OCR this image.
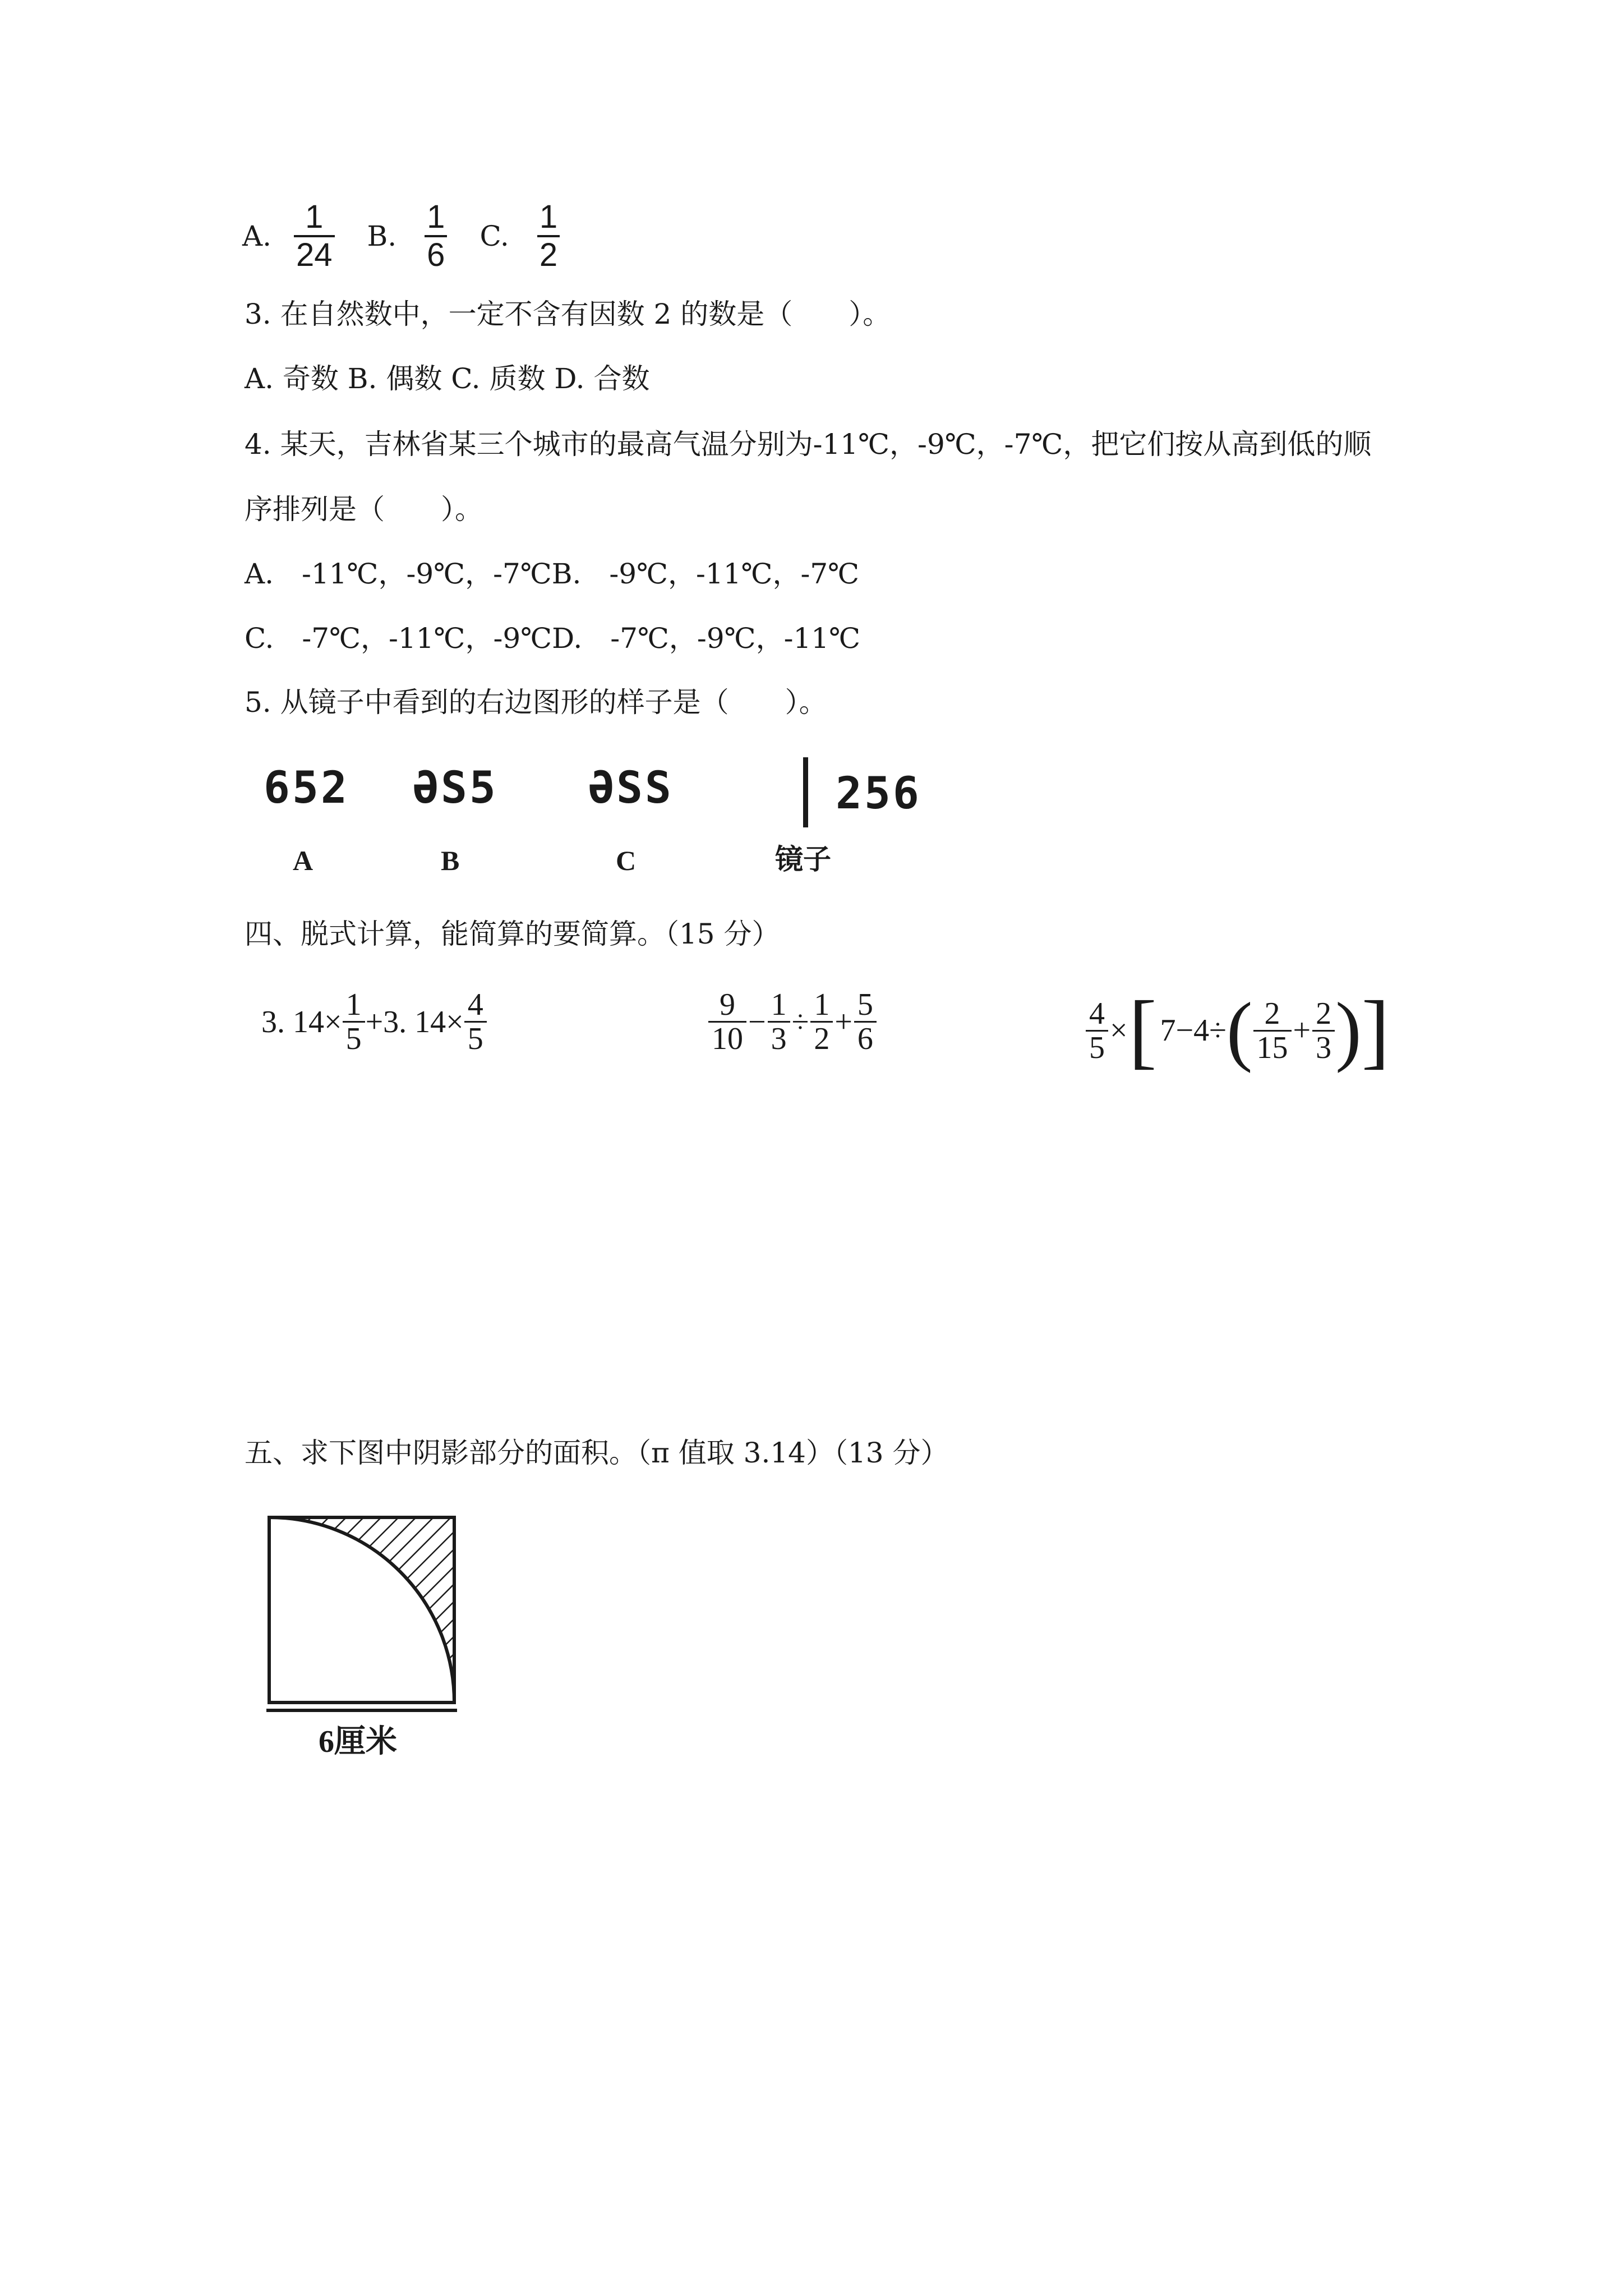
A.
1
24
B.
1
6
C.
1
2
3. 在自然数中，一定不含有因数 2 的数是（　　）。
A. 奇数 B. 偶数 C. 质数 D. 合数
4. 某天，吉林省某三个城市的最高气温分别为-11℃，-9℃，-7℃，把它们按从高到低的顺
序排列是（　　）。
A.　-11℃，-9℃，-7℃B.　-9℃，-11℃，-7℃
C.　-7℃，-11℃，-9℃D.　-7℃，-9℃，-11℃
5. 从镜子中看到的右边图形的样子是（　　）。
652
A
ƏS5
B
ƏSS
C
256
镜子
四、脱式计算，能简算的要简算。（15 分）
3. $14\times \frac{1}{5} +3$. $14\times \frac{4}{5}$	$\frac{9}{10} - \frac{1}{3} \div \frac{1}{2} + \frac{5}{6}$	$\frac{4}{5}$ × [ 7−4÷ ( $\frac{2}{15} + \frac{2}{3}$ ) ]
五、求下图中阴影部分的面积。（π 值取 3.14）（13 分）
6厘米
